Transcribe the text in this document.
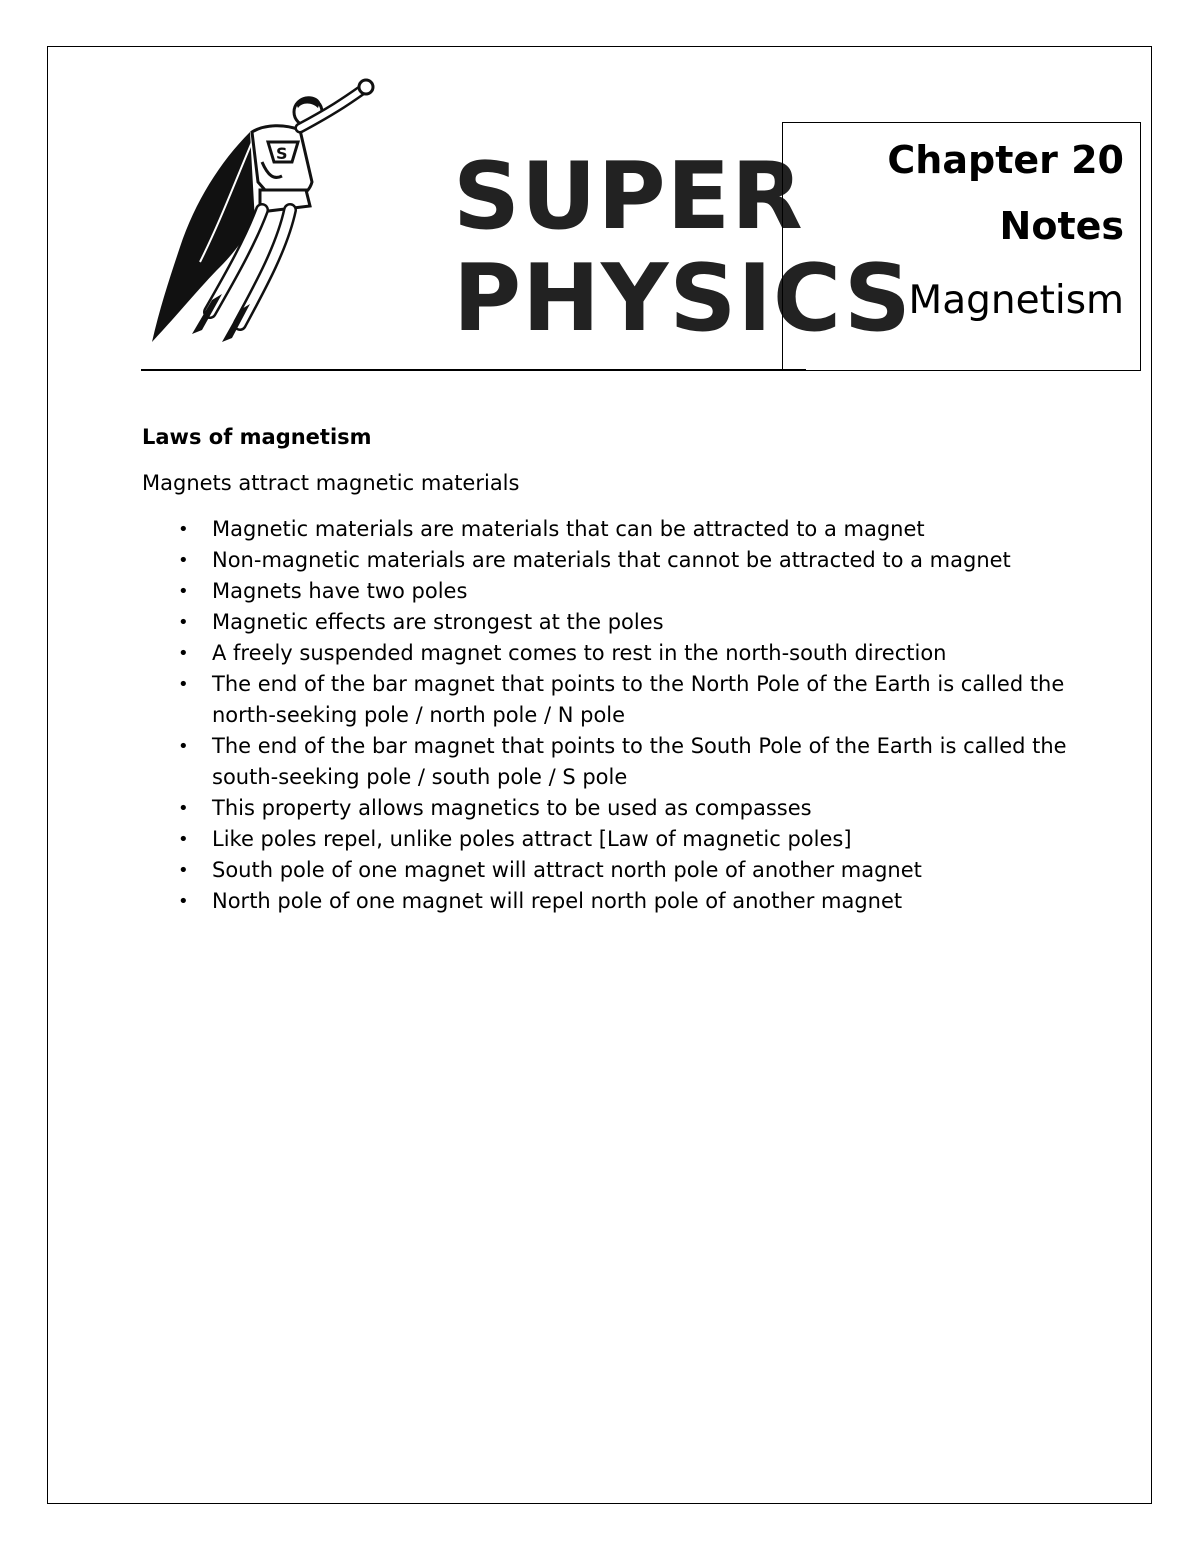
S SUPER
PHYSICS
Chapter 20
Notes
Magnetism

Laws of magnetism

Magnets attract magnetic materials

• Magnetic materials are materials that can be attracted to a magnet
• Non-magnetic materials are materials that cannot be attracted to a magnet
• Magnets have two poles
• Magnetic effects are strongest at the poles
• A freely suspended magnet comes to rest in the north-south direction
• The end of the bar magnet that points to the North Pole of the Earth is called the north-seeking pole / north pole / N pole
• The end of the bar magnet that points to the South Pole of the Earth is called the south-seeking pole / south pole / S pole
• This property allows magnetics to be used as compasses
• Like poles repel, unlike poles attract [Law of magnetic poles]
• South pole of one magnet will attract north pole of another magnet
• North pole of one magnet will repel north pole of another magnet
